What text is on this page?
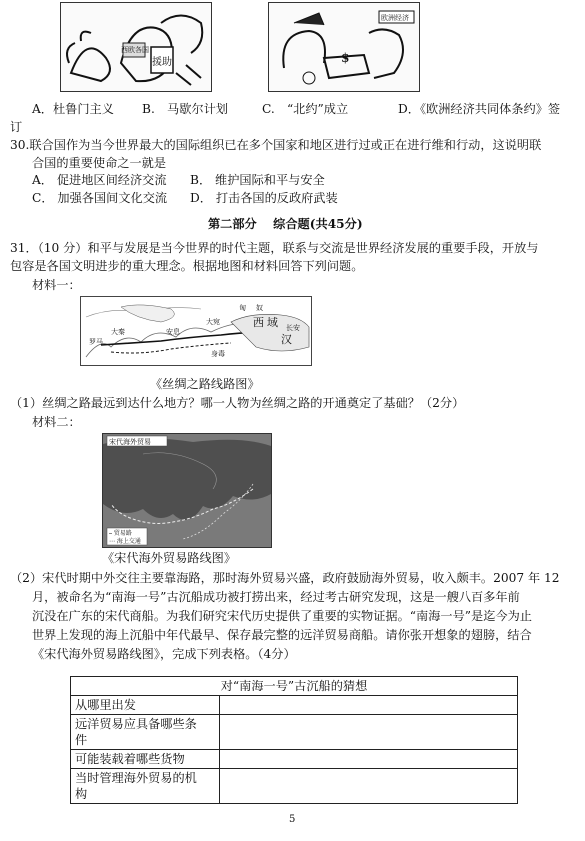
援助
西欧各国
欧洲经济
$
A．杜鲁门主义 B.　马歇尔计划	C.　“北约”成立	D．《欧洲经济共同体条约》签
订
30.联合国作为当今世界最大的国际组织已在多个国家和地区进行过或正在进行维和行动，这说明联
合国的重要使命之一就是
A． 促进地区间经济交流 B． 维护国际和平与安全
C． 加强各国间文化交流 D． 打击各国的反政府武装
第二部分　 综合题(共45分)
31．（10 分）和平与发展是当今世界的时代主题，联系与交流是世界经济发展的重要手段，开放与
包容是各国文明进步的重大理念。根据地图和材料回答下列问题。
材料一：
匈 奴
西 域
汉
长安
大宛
安息
大秦
身毒
罗马
《丝绸之路线路图》
（1）丝绸之路最远到达什么地方？哪一人物为丝绸之路的开通奠定了基础？（2分）
材料二：
宋代海外贸易
⎯ 贸易路
⋯ 海上交通
《宋代海外贸易路线图》
（2）宋代时期中外交往主要靠海路，那时海外贸易兴盛，政府鼓励海外贸易，收入颇丰。2007 年 12
月，被命名为“南海一号”古沉船成功被打捞出来，经过考古研究发现，这是一艘八百多年前
沉没在广东的宋代商船。为我们研究宋代历史提供了重要的实物证据。“南海一号”是迄今为止
世界上发现的海上沉船中年代最早、保存最完整的远洋贸易商船。请你张开想象的翅膀，结合
《宋代海外贸易路线图》，完成下列表格。（4分）
对“南海一号”古沉船的猜想	
从哪里出发	
远洋贸易应具备哪些条
件	
可能装载着哪些货物	
当时管理海外贸易的机
构	
5
